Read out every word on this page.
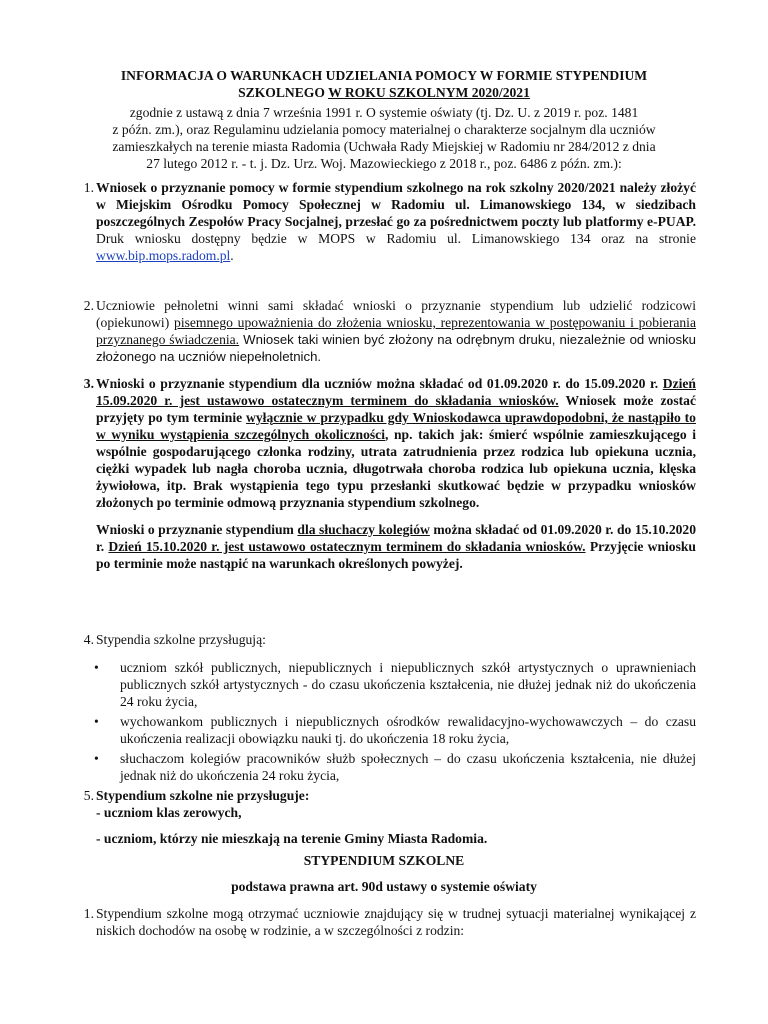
INFORMACJA O WARUNKACH UDZIELANIA POMOCY W FORMIE STYPENDIUM
SZKOLNEGO W ROKU SZKOLNYM 2020/2021
zgodnie z ustawą z dnia 7 września 1991 r. O systemie oświaty (tj. Dz. U. z 2019 r. poz. 1481
z późn. zm.), oraz Regulaminu udzielania pomocy materialnej o charakterze socjalnym dla uczniów
zamieszkałych na terenie miasta Radomia (Uchwała Rady Miejskiej w Radomiu nr 284/2012 z dnia
27 lutego 2012 r. - t. j. Dz. Urz. Woj. Mazowieckiego z 2018 r., poz. 6486 z późn. zm.):
1. Wniosek o przyznanie pomocy w formie stypendium szkolnego na rok szkolny 2020/2021 należy złożyć w Miejskim Ośrodku Pomocy Społecznej w Radomiu ul. Limanowskiego 134, w siedzibach poszczególnych Zespołów Pracy Socjalnej, przesłać go za pośrednictwem poczty lub platformy e-PUAP. Druk wniosku dostępny będzie w MOPS w Radomiu ul. Limanowskiego 134 oraz na stronie www.bip.mops.radom.pl.
2. Uczniowie pełnoletni winni sami składać wnioski o przyznanie stypendium lub udzielić rodzicowi (opiekunowi) pisemnego upoważnienia do złożenia wniosku, reprezentowania w postępowaniu i pobierania przyznanego świadczenia. Wniosek taki winien być złożony na odrębnym druku, niezależnie od wniosku złożonego na uczniów niepełnoletnich.
3. Wnioski o przyznanie stypendium dla uczniów można składać od 01.09.2020 r. do 15.09.2020 r. Dzień 15.09.2020 r. jest ustawowo ostatecznym terminem do składania wniosków. Wniosek może zostać przyjęty po tym terminie wyłącznie w przypadku gdy Wnioskodawca uprawdopodobni, że nastąpiło to w wyniku wystąpienia szczególnych okoliczności, np. takich jak: śmierć wspólnie zamieszkującego i wspólnie gospodarującego członka rodziny, utrata zatrudnienia przez rodzica lub opiekuna ucznia, ciężki wypadek lub nagła choroba ucznia, długotrwała choroba rodzica lub opiekuna ucznia, klęska żywiołowa, itp. Brak wystąpienia tego typu przesłanki skutkować będzie w przypadku wniosków złożonych po terminie odmową przyznania stypendium szkolnego.
Wnioski o przyznanie stypendium dla słuchaczy kolegiów można składać od 01.09.2020 r. do 15.10.2020 r. Dzień 15.10.2020 r. jest ustawowo ostatecznym terminem do składania wniosków. Przyjęcie wniosku po terminie może nastąpić na warunkach określonych powyżej.
4. Stypendia szkolne przysługują:
• uczniom szkół publicznych, niepublicznych i niepublicznych szkół artystycznych o uprawnieniach publicznych szkół artystycznych - do czasu ukończenia kształcenia, nie dłużej jednak niż do ukończenia 24 roku życia,
• wychowankom publicznych i niepublicznych ośrodków rewalidacyjno-wychowawczych – do czasu ukończenia realizacji obowiązku nauki tj. do ukończenia 18 roku życia,
• słuchaczom kolegiów pracowników służb społecznych – do czasu ukończenia kształcenia, nie dłużej jednak niż do ukończenia 24 roku życia,
5. Stypendium szkolne nie przysługuje:
- uczniom klas zerowych,
- uczniom, którzy nie mieszkają na terenie Gminy Miasta Radomia.
STYPENDIUM SZKOLNE
podstawa prawna art. 90d ustawy o systemie oświaty
1. Stypendium szkolne mogą otrzymać uczniowie znajdujący się w trudnej sytuacji materialnej wynikającej z niskich dochodów na osobę w rodzinie, a w szczególności z rodzin:
